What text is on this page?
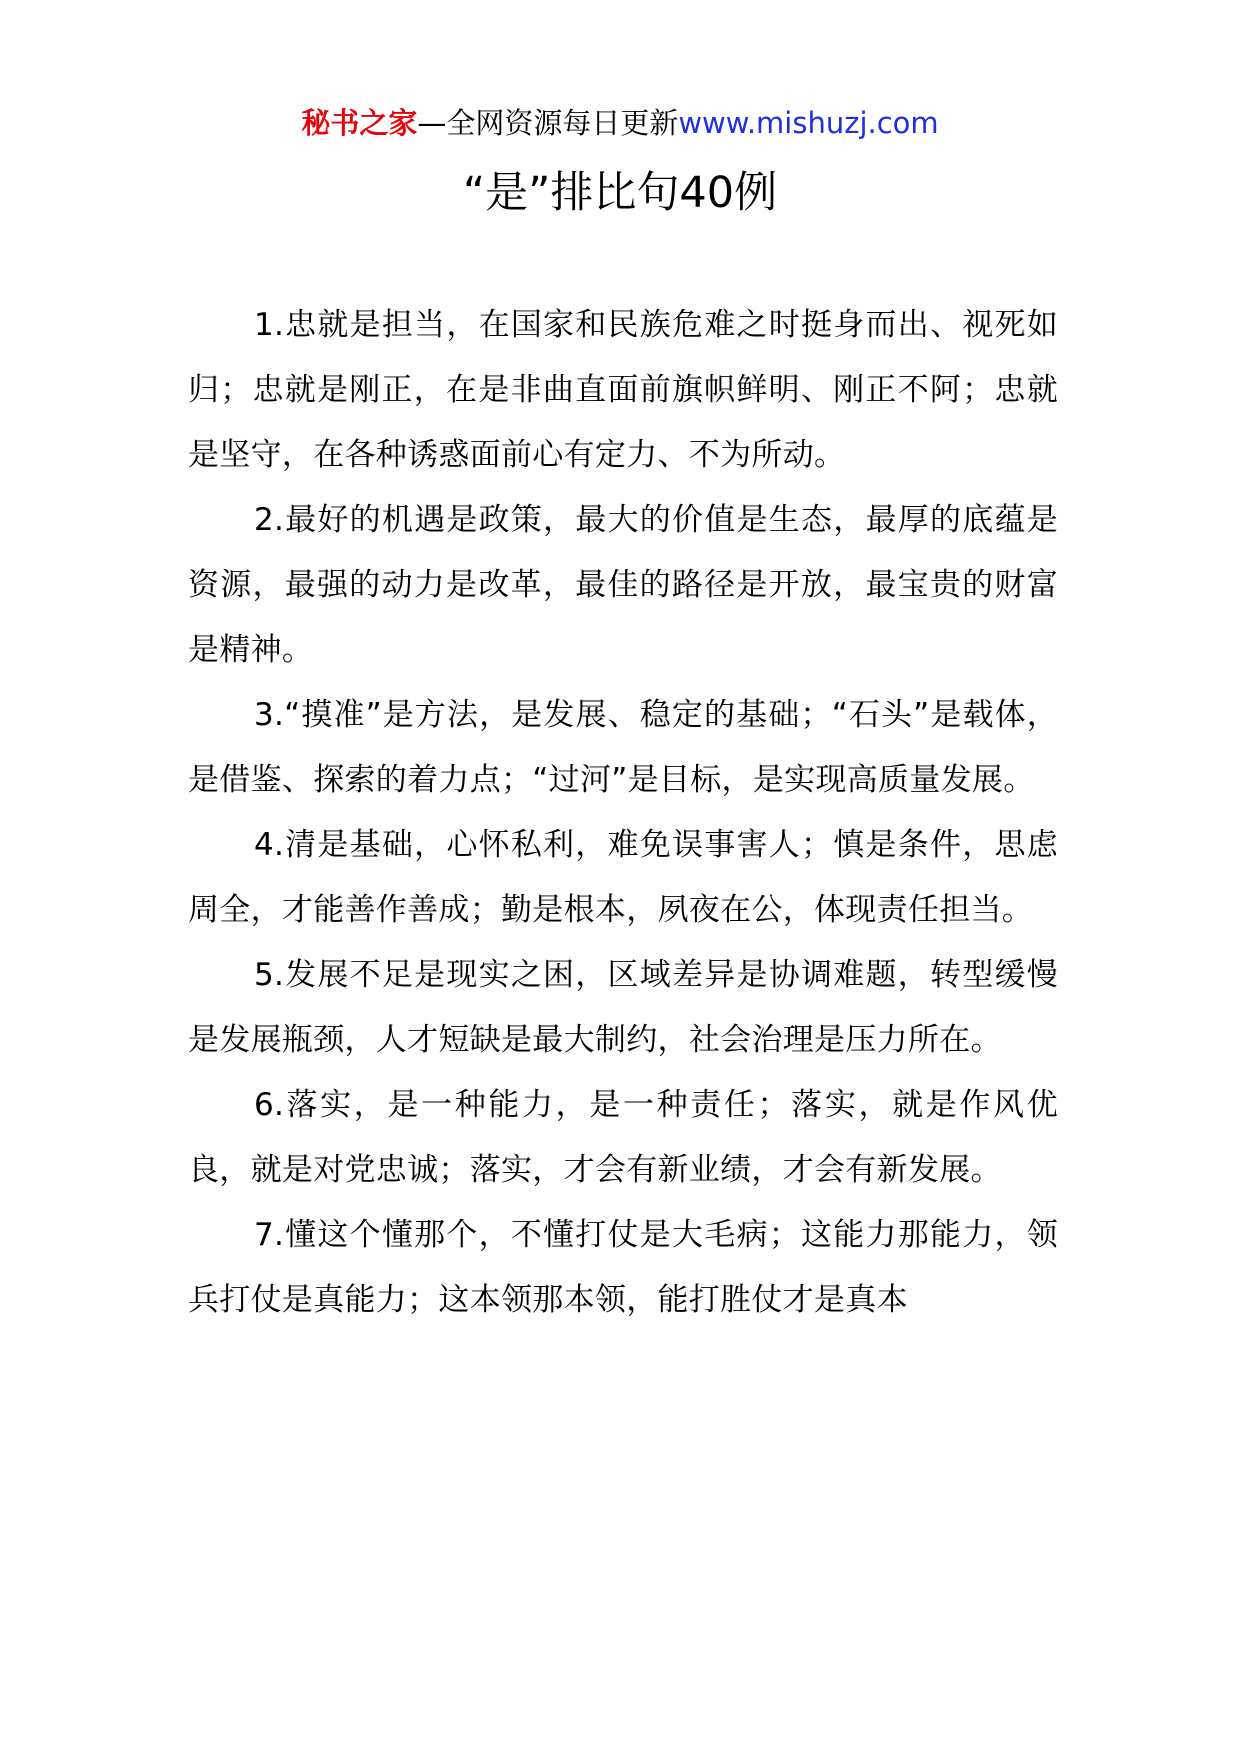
秘书之家—全网资源每日更新www.mishuzj.com
“是”排比句40例

1.忠就是担当，在国家和民族危难之时挺身而出、视死如归；忠就是刚正，在是非曲直面前旗帜鲜明、刚正不阿；忠就是坚守，在各种诱惑面前心有定力、不为所动。

2.最好的机遇是政策，最大的价值是生态，最厚的底蕴是资源，最强的动力是改革，最佳的路径是开放，最宝贵的财富是精神。

3.“摸准”是方法，是发展、稳定的基础；“石头”是载体，是借鉴、探索的着力点；“过河”是目标，是实现高质量发展。

4.清是基础，心怀私利，难免误事害人；慎是条件，思虑周全，才能善作善成；勤是根本，夙夜在公，体现责任担当。

5.发展不足是现实之困，区域差异是协调难题，转型缓慢是发展瓶颈，人才短缺是最大制约，社会治理是压力所在。

6.落实，是一种能力，是一种责任；落实，就是作风优良，就是对党忠诚；落实，才会有新业绩，才会有新发展。

7.懂这个懂那个，不懂打仗是大毛病；这能力那能力，领兵打仗是真能力；这本领那本领，能打胜仗才是真本
